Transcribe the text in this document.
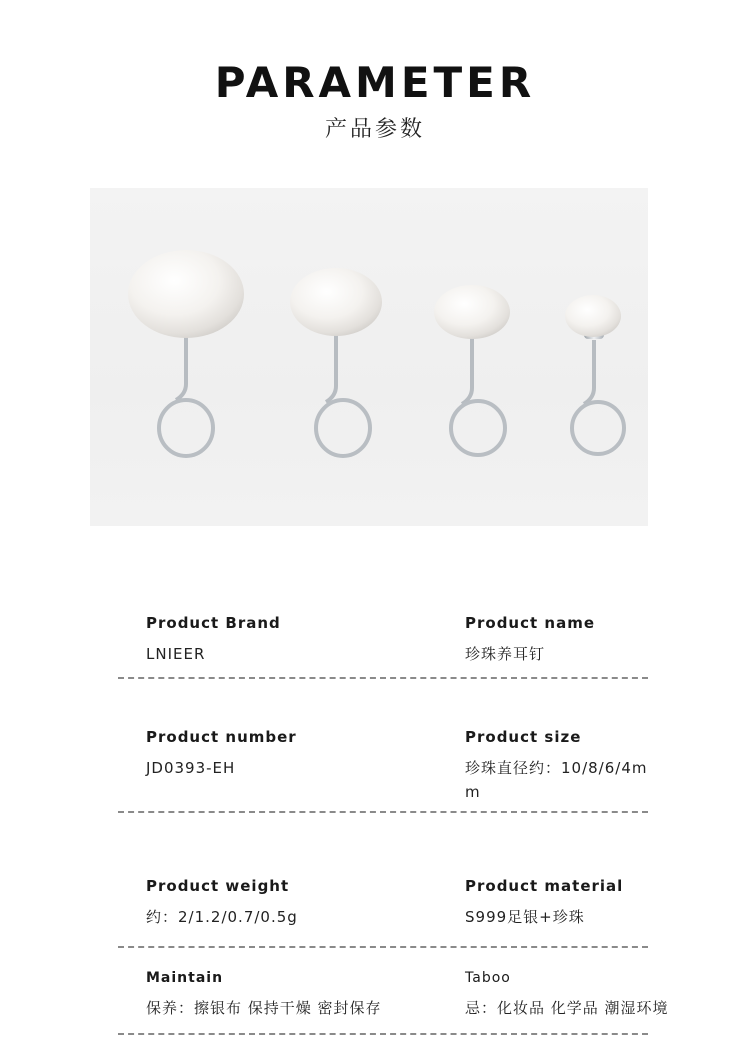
PARAMETER
产品参数
Product Brand
LNIEER
Product name
珍珠养耳钉
Product number
JD0393-EH
Product size
珍珠直径约：10/8/6/4mm
Product weight
约：2/1.2/0.7/0.5g
Product material
S999足银+珍珠
Maintain
保养：擦银布 保持干燥 密封保存
Taboo
忌：化妆品 化学品 潮湿环境
